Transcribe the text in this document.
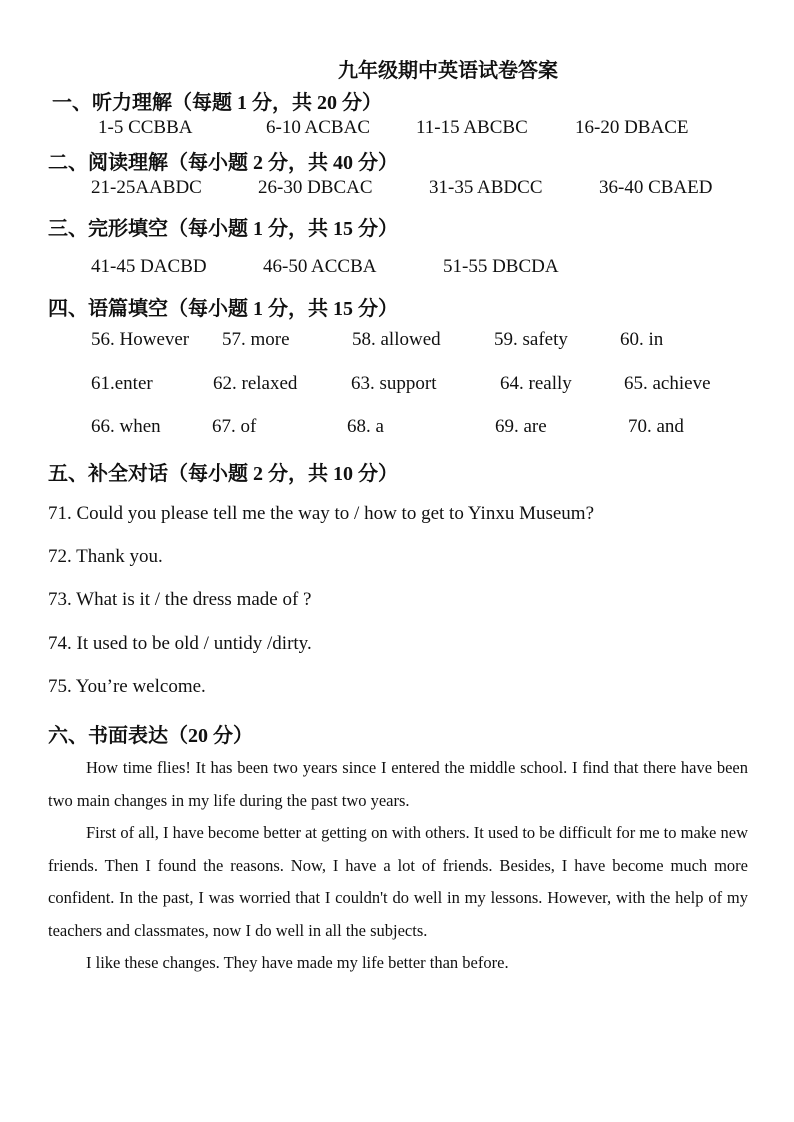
九年级期中英语试卷答案
一、听力理解（每题 1 分，共 20 分）
1-5 CCBBA	6-10 ACBAC 11-15 ABCBC 16-20 DBACE
二、阅读理解（每小题 2 分，共 40 分）
21-25AABDC	26-30 DBCAC	31-35 ABDCC	36-40 CBAED
三、完形填空（每小题 1 分，共 15 分）
41-45 DACBD	46-50 ACCBA	51-55 DBCDA
四、语篇填空（每小题 1 分，共 15 分）
56. However 57. more	58. allowed	59. safety	60. in
61.enter	62. relaxed	63. support	64. really	65. achieve
66. when	67. of	68. a	69. are	70. and
五、补全对话（每小题 2 分，共 10 分）
71. Could you please tell me the way to / how to get to Yinxu Museum?
72. Thank you.
73. What is it / the dress made of ?
74. It used to be old / untidy /dirty.
75. You’re welcome.
六、书面表达（20 分）

How time flies! It has been two years since I entered the middle school. I find that there have been two main changes in my life during the past two years.

First of all, I have become better at getting on with others. It used to be difficult for me to make new friends. Then I found the reasons. Now, I have a lot of friends. Besides, I have become much more confident. In the past, I was worried that I couldn't do well in my lessons. However, with the help of my teachers and classmates, now I do well in all the subjects.

I like these changes. They have made my life better than before.
